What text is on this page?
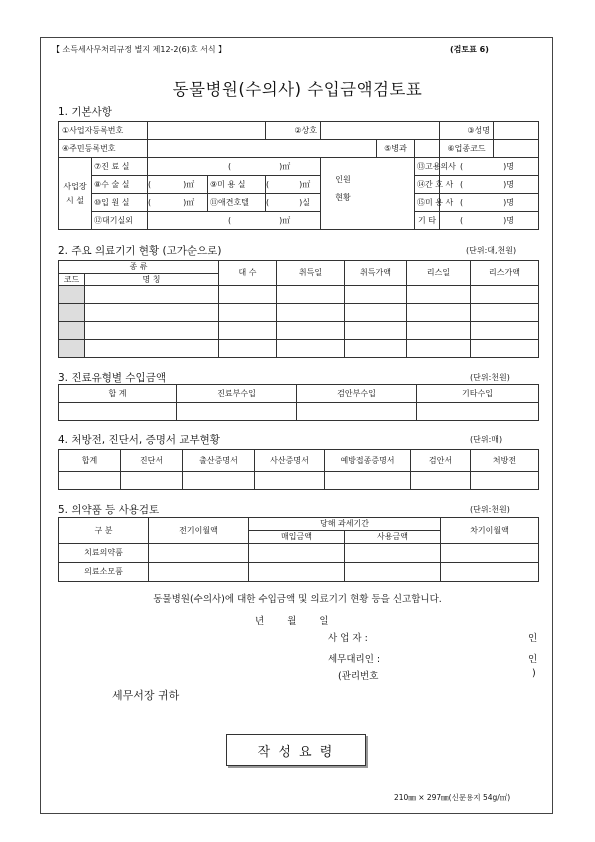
【 소득세사무처리규정 별지 제12-2(6)호 서식 】	(검토표 6)
동물병원(수의사) 수입금액검토표
1. 기본사항
①사업자등록번호				②상호				③성명	
④주민등록번호						⑤병과		⑥업종코드	

사업장
시 설	⑦진 료 실	( )㎡					⑬고용의사	( )명	
	⑧수 술 실	( )㎡	⑨미 용 실	( )㎡			⑭간 호 사	( )명	
	⑩입 원 실	( )㎡	⑪애견호텔	( )실			⑮미 용 사	( )명	
	⑫대기실외	( )㎡					기 타	( )명	
인원
현황
2. 주요 의료기기 현황 (고가순으로)	(단위:대,천원)
종 류		대 수	취득일	취득가액	리스일	리스가액
코드	명 칭					

3. 진료유형별 수입금액	(단위:천원)
합 계	진료부수입	검안부수입	기타수입

4. 처방전, 진단서, 증명서 교부현황	(단위:매)
합계	진단서	출산증명서	사산증명서	예방접종증명서	검안서	처방전

5. 의약품 등 사용검토	(단위:천원)
구 분	전기이월액	당해 과세기간		차기이월액
		매입금액	사용금액	
치료의약품				
의료소모품				
동물병원(수의사)에 대한 수입금액 및 의료기기 현황 등을 신고합니다.
년 월 일
사 업 자 :	인
세무대리인 :	인
(관리번호	)
세무서장 귀하
작 성 요 령
210㎜ × 297㎜(신문용지 54g/㎡)
